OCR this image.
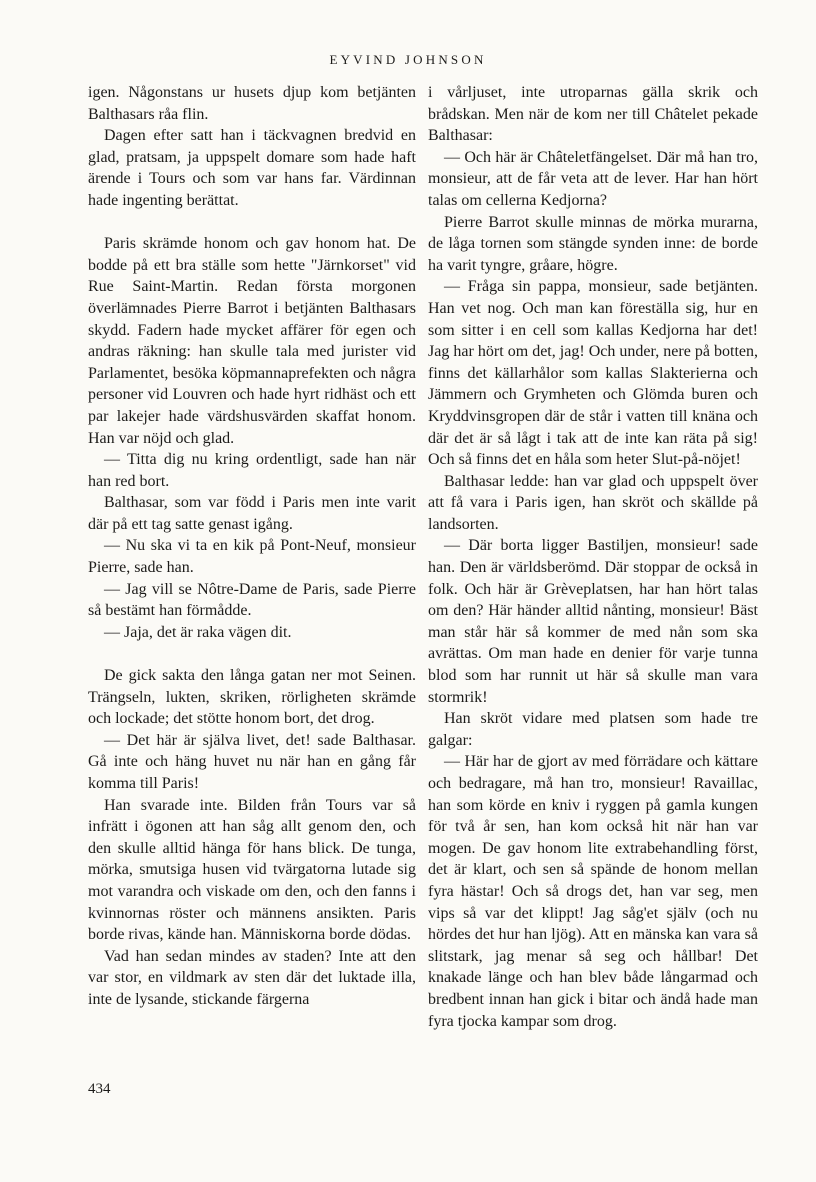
EYVIND JOHNSON

igen. Någonstans ur husets djup kom betjänten Balthasars råa flin.

Dagen efter satt han i täckvagnen bredvid en glad, pratsam, ja uppspelt domare som hade haft ärende i Tours och som var hans far. Värdinnan hade ingenting berättat.

Paris skrämde honom och gav honom hat. De bodde på ett bra ställe som hette "Järnkorset" vid Rue Saint-Martin. Redan första morgonen överlämnades Pierre Barrot i betjänten Balthasars skydd. Fadern hade mycket affärer för egen och andras räkning: han skulle tala med jurister vid Parlamentet, besöka köpmannaprefekten och några personer vid Louvren och hade hyrt ridhäst och ett par lakejer hade värdshusvärden skaffat honom. Han var nöjd och glad.

— Titta dig nu kring ordentligt, sade han när han red bort.

Balthasar, som var född i Paris men inte varit där på ett tag satte genast igång.

— Nu ska vi ta en kik på Pont-Neuf, monsieur Pierre, sade han.

— Jag vill se Nôtre-Dame de Paris, sade Pierre så bestämt han förmådde.

— Jaja, det är raka vägen dit.

De gick sakta den långa gatan ner mot Seinen. Trängseln, lukten, skriken, rörligheten skrämde och lockade; det stötte honom bort, det drog.

— Det här är själva livet, det! sade Balthasar. Gå inte och häng huvet nu när han en gång får komma till Paris!

Han svarade inte. Bilden från Tours var så infrätt i ögonen att han såg allt genom den, och den skulle alltid hänga för hans blick. De tunga, mörka, smutsiga husen vid tvärgatorna lutade sig mot varandra och viskade om den, och den fanns i kvinnornas röster och männens ansikten. Paris borde rivas, kände han. Människorna borde dödas.

Vad han sedan mindes av staden? Inte att den var stor, en vildmark av sten där det luktade illa, inte de lysande, stickande färgerna

i vårljuset, inte utroparnas gälla skrik och brådskan. Men när de kom ner till Châtelet pekade Balthasar:

— Och här är Châteletfängelset. Där må han tro, monsieur, att de får veta att de lever. Har han hört talas om cellerna Kedjorna?

Pierre Barrot skulle minnas de mörka murarna, de låga tornen som stängde synden inne: de borde ha varit tyngre, gråare, högre.

— Fråga sin pappa, monsieur, sade betjänten. Han vet nog. Och man kan föreställa sig, hur en som sitter i en cell som kallas Kedjorna har det! Jag har hört om det, jag! Och under, nere på botten, finns det källarhålor som kallas Slakterierna och Jämmern och Grymheten och Glömda buren och Kryddvinsgropen där de står i vatten till knäna och där det är så lågt i tak att de inte kan räta på sig! Och så finns det en håla som heter Slut-på-nöjet!

Balthasar ledde: han var glad och uppspelt över att få vara i Paris igen, han skröt och skällde på landsorten.

— Där borta ligger Bastiljen, monsieur! sade han. Den är världsberömd. Där stoppar de också in folk. Och här är Grèveplatsen, har han hört talas om den? Här händer alltid nånting, monsieur! Bäst man står här så kommer de med nån som ska avrättas. Om man hade en denier för varje tunna blod som har runnit ut här så skulle man vara stormrik!

Han skröt vidare med platsen som hade tre galgar:

— Här har de gjort av med förrädare och kättare och bedragare, må han tro, monsieur! Ravaillac, han som körde en kniv i ryggen på gamla kungen för två år sen, han kom också hit när han var mogen. De gav honom lite extrabehandling först, det är klart, och sen så spände de honom mellan fyra hästar! Och så drogs det, han var seg, men vips så var det klippt! Jag såg'et själv (och nu hördes det hur han ljög). Att en mänska kan vara så slitstark, jag menar så seg och hållbar! Det knakade länge och han blev både långarmad och bredbent innan han gick i bitar och ändå hade man fyra tjocka kampar som drog.

434
